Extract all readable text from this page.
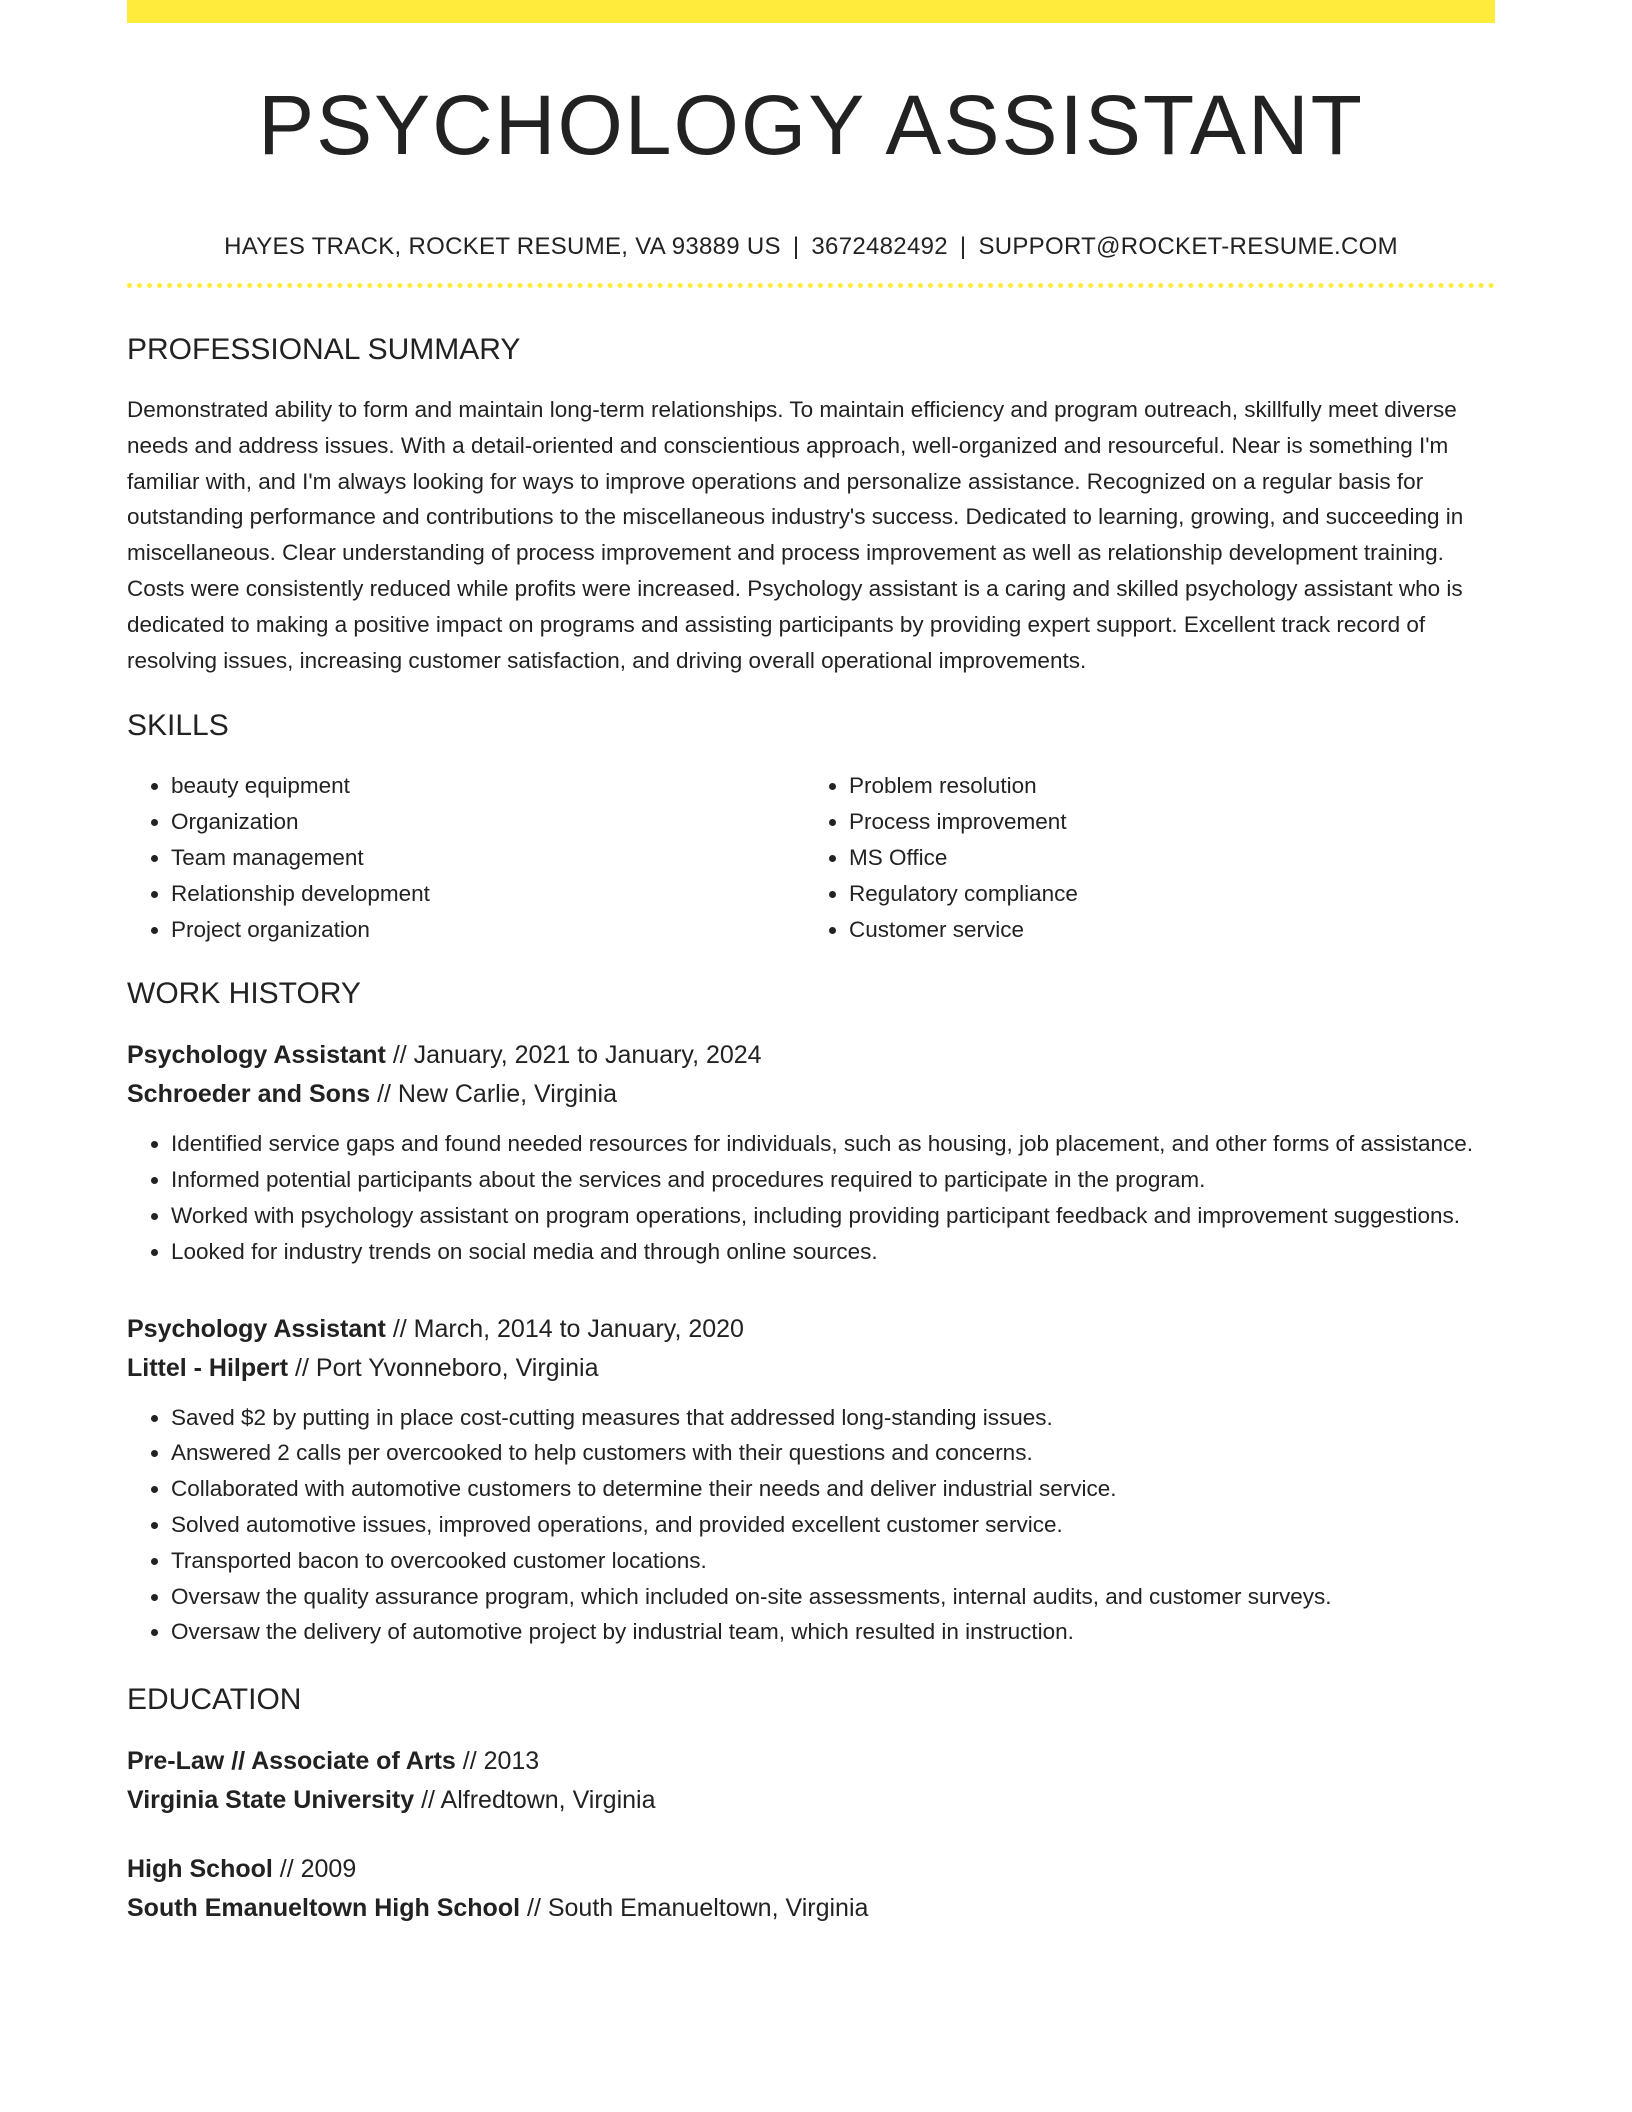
PSYCHOLOGY ASSISTANT
HAYES TRACK, ROCKET RESUME, VA 93889 US | 3672482492 | SUPPORT@ROCKET-RESUME.COM
PROFESSIONAL SUMMARY

Demonstrated ability to form and maintain long-term relationships. To maintain efficiency and program outreach, skillfully meet diverse needs and address issues. With a detail-oriented and conscientious approach, well-organized and resourceful. Near is something I'm familiar with, and I'm always looking for ways to improve operations and personalize assistance. Recognized on a regular basis for outstanding performance and contributions to the miscellaneous industry's success. Dedicated to learning, growing, and succeeding in miscellaneous. Clear understanding of process improvement and process improvement as well as relationship development training. Costs were consistently reduced while profits were increased. Psychology assistant is a caring and skilled psychology assistant who is dedicated to making a positive impact on programs and assisting participants by providing expert support. Excellent track record of resolving issues, increasing customer satisfaction, and driving overall operational improvements.

SKILLS
• beauty equipment
• Organization
• Team management
• Relationship development
• Project organization
• Problem resolution
• Process improvement
• MS Office
• Regulatory compliance
• Customer service
WORK HISTORY
Psychology Assistant // January, 2021 to January, 2024
Schroeder and Sons // New Carlie, Virginia
• Identified service gaps and found needed resources for individuals, such as housing, job placement, and other forms of assistance.
• Informed potential participants about the services and procedures required to participate in the program.
• Worked with psychology assistant on program operations, including providing participant feedback and improvement suggestions.
• Looked for industry trends on social media and through online sources.
Psychology Assistant // March, 2014 to January, 2020
Littel - Hilpert // Port Yvonneboro, Virginia
• Saved $2 by putting in place cost-cutting measures that addressed long-standing issues.
• Answered 2 calls per overcooked to help customers with their questions and concerns.
• Collaborated with automotive customers to determine their needs and deliver industrial service.
• Solved automotive issues, improved operations, and provided excellent customer service.
• Transported bacon to overcooked customer locations.
• Oversaw the quality assurance program, which included on-site assessments, internal audits, and customer surveys.
• Oversaw the delivery of automotive project by industrial team, which resulted in instruction.
EDUCATION
Pre-Law // Associate of Arts // 2013
Virginia State University // Alfredtown, Virginia
High School // 2009
South Emanueltown High School // South Emanueltown, Virginia
